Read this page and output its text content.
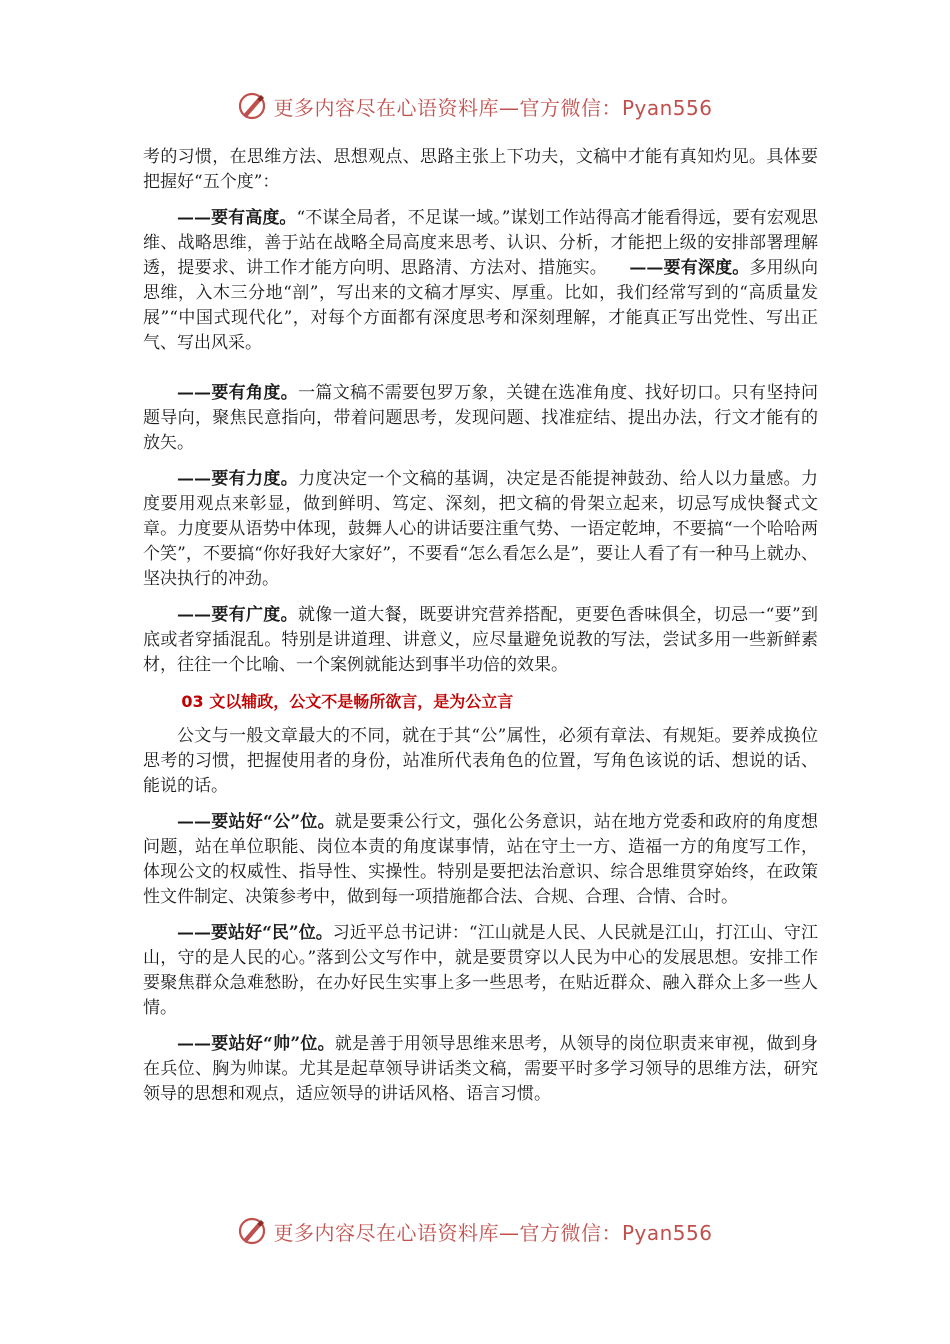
更多内容尽在心语资料库—官方微信：Pyan556

考的习惯，在思维方法、思想观点、思路主张上下功夫，文稿中才能有真知灼见。具体要把握好“五个度”：

——要有高度。“不谋全局者，不足谋一域。”谋划工作站得高才能看得远，要有宏观思维、战略思维，善于站在战略全局高度来思考、认识、分析，才能把上级的安排部署理解透，提要求、讲工作才能方向明、思路清、方法对、措施实。 ——要有深度。多用纵向思维，入木三分地“剖”，写出来的文稿才厚实、厚重。比如，我们经常写到的“高质量发展”“中国式现代化”，对每个方面都有深度思考和深刻理解，才能真正写出党性、写出正气、写出风采。

——要有角度。一篇文稿不需要包罗万象，关键在选准角度、找好切口。只有坚持问题导向，聚焦民意指向，带着问题思考，发现问题、找准症结、提出办法，行文才能有的放矢。

——要有力度。力度决定一个文稿的基调，决定是否能提神鼓劲、给人以力量感。力度要用观点来彰显，做到鲜明、笃定、深刻，把文稿的骨架立起来，切忌写成快餐式文章。力度要从语势中体现，鼓舞人心的讲话要注重气势、一语定乾坤，不要搞“一个哈哈两个笑”，不要搞“你好我好大家好”，不要看“怎么看怎么是”，要让人看了有一种马上就办、坚决执行的冲劲。

——要有广度。就像一道大餐，既要讲究营养搭配，更要色香味俱全，切忌一“要”到底或者穿插混乱。特别是讲道理、讲意义，应尽量避免说教的写法，尝试多用一些新鲜素材，往往一个比喻、一个案例就能达到事半功倍的效果。

03 文以辅政，公文不是畅所欲言，是为公立言

公文与一般文章最大的不同，就在于其“公”属性，必须有章法、有规矩。要养成换位思考的习惯，把握使用者的身份，站准所代表角色的位置，写角色该说的话、想说的话、能说的话。

——要站好“公”位。就是要秉公行文，强化公务意识，站在地方党委和政府的角度想问题，站在单位职能、岗位本责的角度谋事情，站在守土一方、造福一方的角度写工作，体现公文的权威性、指导性、实操性。特别是要把法治意识、综合思维贯穿始终，在政策性文件制定、决策参考中，做到每一项措施都合法、合规、合理、合情、合时。

——要站好“民”位。习近平总书记讲：“江山就是人民、人民就是江山，打江山、守江山，守的是人民的心。”落到公文写作中，就是要贯穿以人民为中心的发展思想。安排工作要聚焦群众急难愁盼，在办好民生实事上多一些思考，在贴近群众、融入群众上多一些人情。

——要站好“帅”位。就是善于用领导思维来思考，从领导的岗位职责来审视，做到身在兵位、胸为帅谋。尤其是起草领导讲话类文稿，需要平时多学习领导的思维方法，研究领导的思想和观点，适应领导的讲话风格、语言习惯。

更多内容尽在心语资料库—官方微信：Pyan556
